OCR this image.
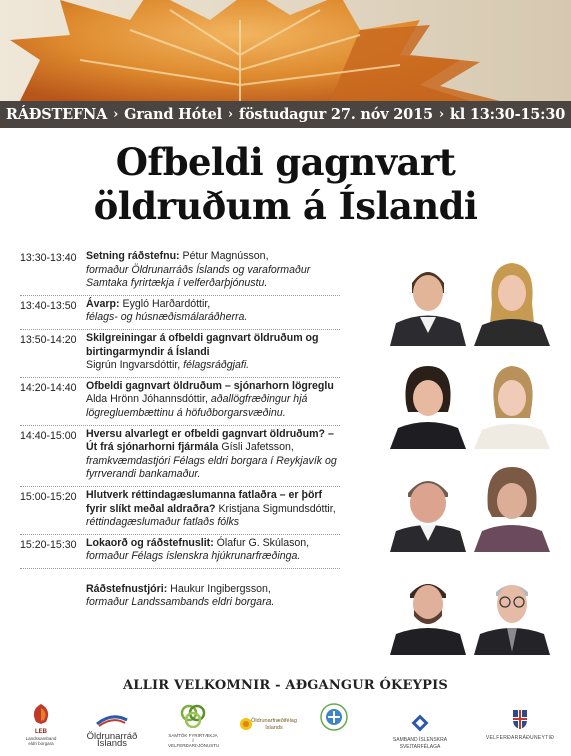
RÁÐSTEFNA › Grand Hótel › föstudagur 27. nóv 2015 › kl 13:30-15:30
Ofbeldi gagnvart
öldruðum á Íslandi
13:30-13:40 Setning ráðstefnu: Pétur Magnússon,
formaður Öldrunarráðs Íslands og varaformaður Samtaka fyrirtækja í velferðarþjónustu.
13:40-13:50 Ávarp: Eygló Harðardóttir,
félags- og húsnæðismálaráðherra.
13:50-14:20 Skilgreiningar á ofbeldi gagnvart öldruðum og birtingarmyndir á Íslandi
Sigrún Ingvarsdóttir, félagsráðgjafi.
14:20-14:40 Ofbeldi gagnvart öldruðum – sjónarhorn lögreglu
Alda Hrönn Jóhannsdóttir, aðallögfræðingur hjá lögregluembættinu á höfuðborgarsvæðinu.
14:40-15:00 Hversu alvarlegt er ofbeldi gagnvart öldruðum? – Út frá sjónarhorni fjármála Gísli Jafetsson,
framkvæmdastjóri Félags eldri borgara í Reykjavík og fyrrverandi bankamaður.
15:00-15:20 Hlutverk réttindagæslumanna fatlaðra – er þörf fyrir slíkt meðal aldraðra? Kristjana Sigmundsdóttir,
réttindagæslumaður fatlaðs fólks
15:20-15:30 Lokaorð og ráðstefnuslit: Ólafur G. Skúlason,
formaður Félags íslenskra hjúkrunarfræðinga.
Ráðstefnustjóri: Haukur Ingibergsson,
formaður Landssambands eldri borgara.
ALLIR VELKOMNIR - AÐGANGUR ÓKEYPIS
LEB
Landssamband eldri borgara
Öldrunarráð Íslands
SAMTÖK FYRIRTÆKJA Í VELFERÐARÞJÓNUSTU
Öldrunarfræðifélag Íslands
SAMBAND ÍSLENSKRA SVEITARFÉLAGA
VELFERÐARRÁÐUNEYTIÐ
